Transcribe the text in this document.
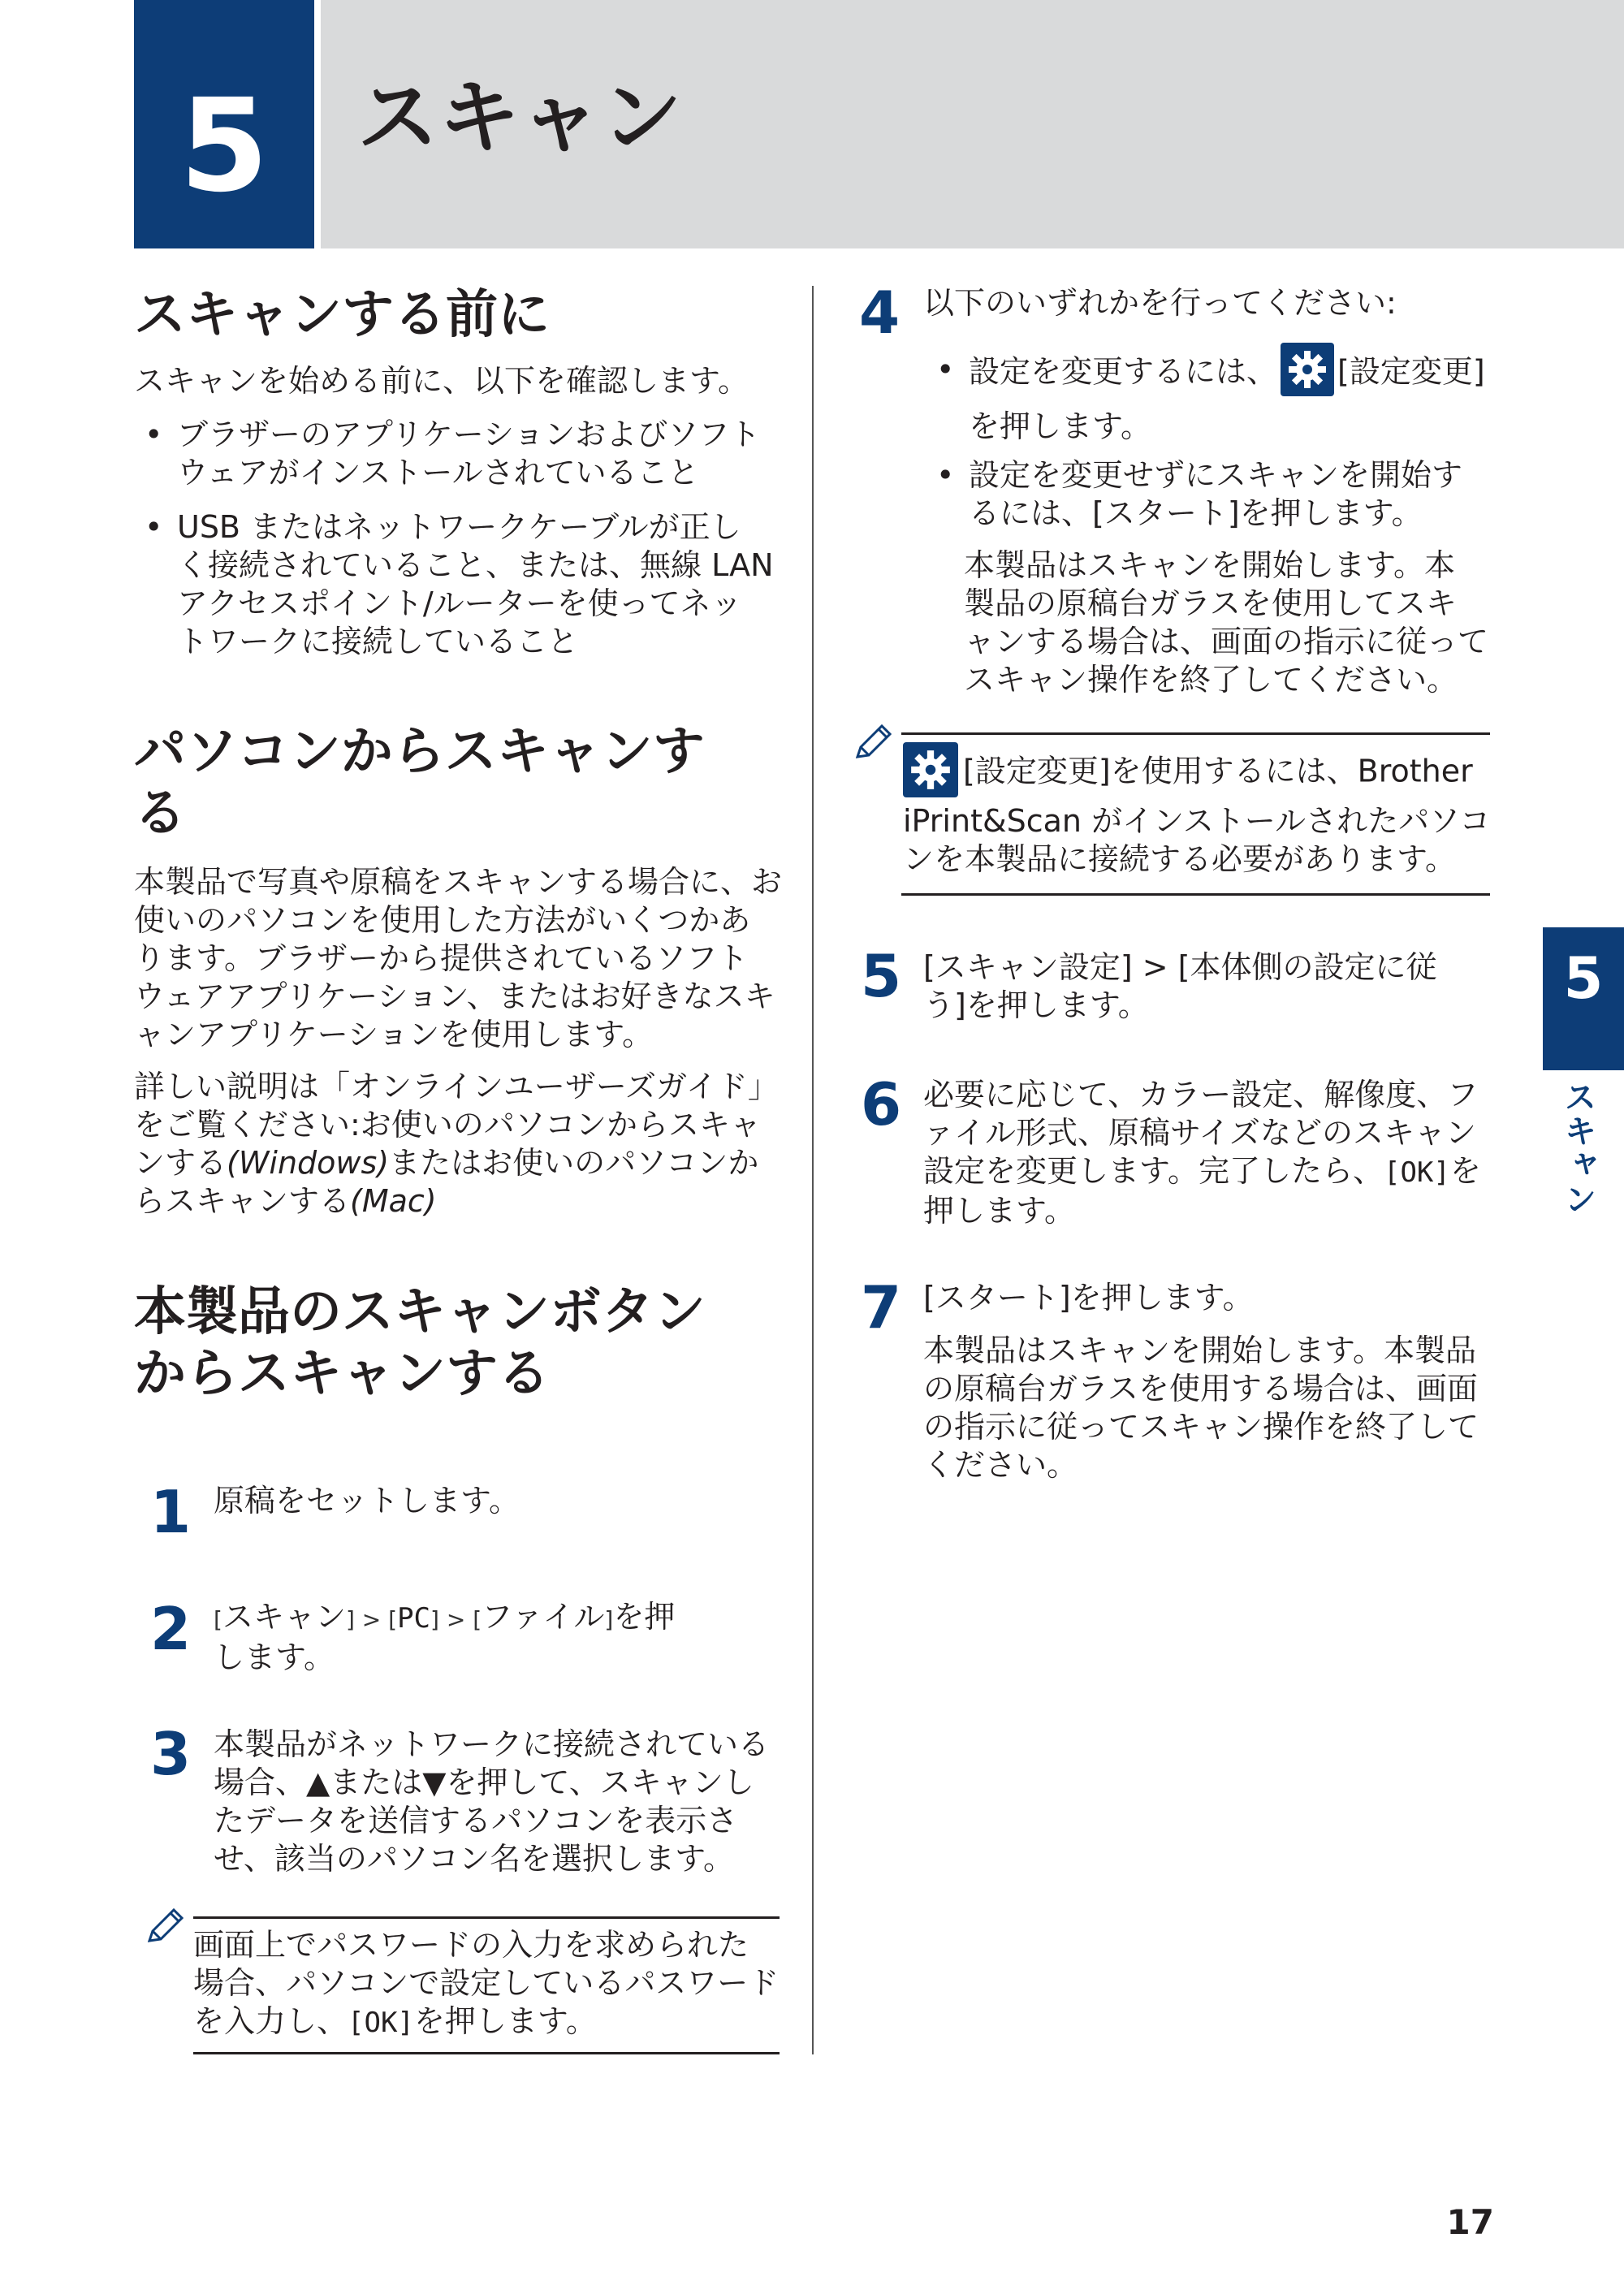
5	スキャン
スキャンする前に
スキャンを始める前に、以下を確認します。
• ブラザーのアプリケーションおよびソフト
ウェアがインストールされていること
• USB またはネットワークケーブルが正し
く接続されていること、または、無線 LAN
アクセスポイント/ルーターを使ってネッ
トワークに接続していること
パソコンからスキャンす
る
本製品で写真や原稿をスキャンする場合に、お
使いのパソコンを使用した方法がいくつかあ
ります。ブラザーから提供されているソフト
ウェアアプリケーション、またはお好きなスキ
ャンアプリケーションを使用します。
詳しい説明は「オンラインユーザーズガイド」
をご覧ください:お使いのパソコンからスキャ
ンする(Windows)またはお使いのパソコンか
らスキャンする(Mac)
本製品のスキャンボタン
からスキャンする
1 原稿をセットします。
2 [スキャン] > [PC] > [ファイル]を押
します。
3 本製品がネットワークに接続されている
場合、▲または▼を押して、スキャンし
たデータを送信するパソコンを表示さ
せ、該当のパソコン名を選択します。
画面上でパスワードの入力を求められた
場合、パソコンで設定しているパスワード
を入力し、[OK]を押します。
4 以下のいずれかを行ってください:
• 設定を変更するには、 [設定変更]
を押します。
• 設定を変更せずにスキャンを開始す
るには、[スタート]を押します。
本製品はスキャンを開始します。本
製品の原稿台ガラスを使用してスキ
ャンする場合は、画面の指示に従って
スキャン操作を終了してください。
[設定変更]を使用するには、Brother
iPrint&Scan がインストールされたパソコ
ンを本製品に接続する必要があります。
5 [スキャン設定] > [本体側の設定に従
う]を押します。
6 必要に応じて、カラー設定、解像度、フ
ァイル形式、原稿サイズなどのスキャン
設定を変更します。完了したら、[OK]を
押します。
7 [スタート]を押します。
本製品はスキャンを開始します。本製品
の原稿台ガラスを使用する場合は、画面
の指示に従ってスキャン操作を終了して
ください。
5
スキャン
17
